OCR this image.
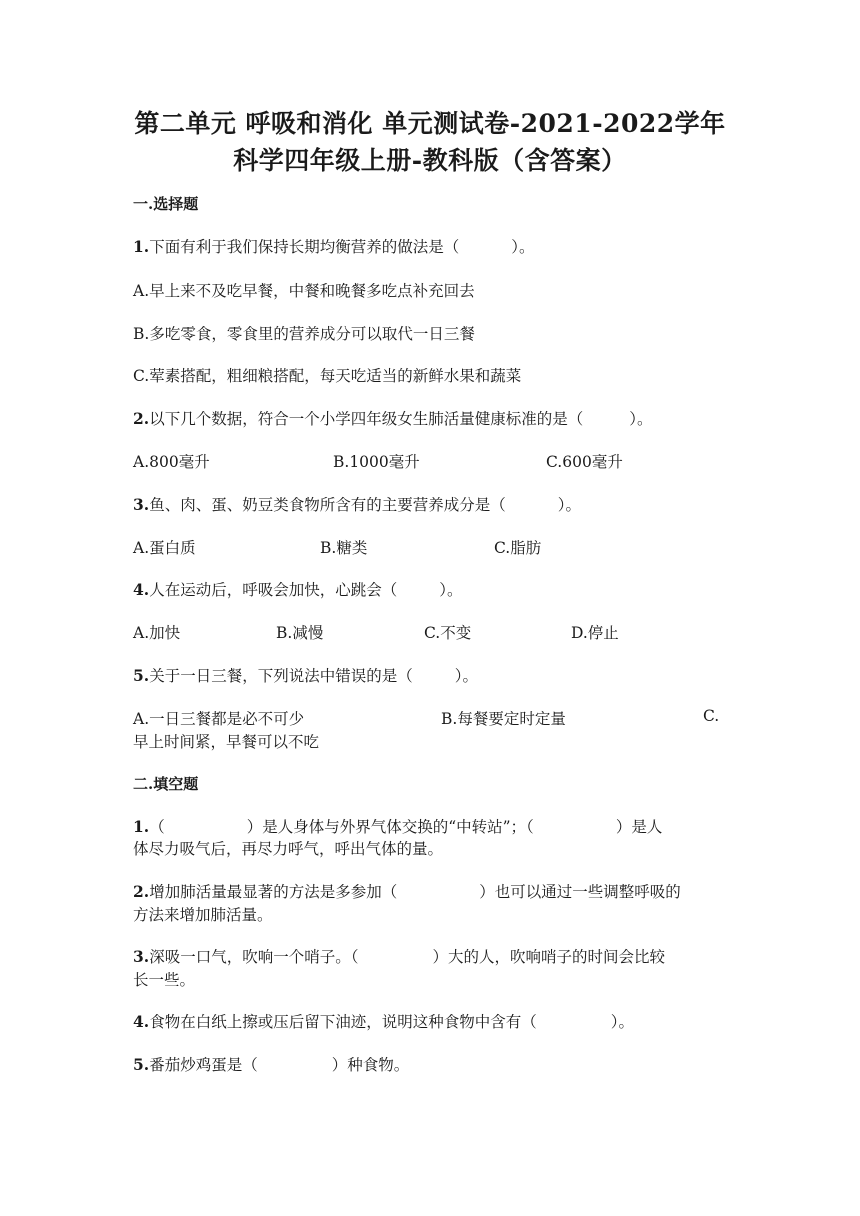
第二单元 呼吸和消化 单元测试卷-2021-2022学年
科学四年级上册-教科版（含答案）
一.选择题
1.下面有利于我们保持长期均衡营养的做法是（	）。
A.早上来不及吃早餐，中餐和晚餐多吃点补充回去
B.多吃零食，零食里的营养成分可以取代一日三餐
C.荤素搭配，粗细粮搭配，每天吃适当的新鲜水果和蔬菜
2.以下几个数据，符合一个小学四年级女生肺活量健康标准的是（	）。
A.800毫升	B.1000毫升	C.600毫升
3.鱼、肉、蛋、奶豆类食物所含有的主要营养成分是（	）。
A.蛋白质	B.糖类	C.脂肪
4.人在运动后，呼吸会加快，心跳会（	）。
A.加快	B.减慢	C.不变	D.停止
5.关于一日三餐，下列说法中错误的是（	）。
A.一日三餐都是必不可少	B.每餐要定时定量	C.
早上时间紧，早餐可以不吃
二.填空题
1.（	）是人身体与外界气体交换的“中转站”；（	）是人
体尽力吸气后，再尽力呼气，呼出气体的量。
2.增加肺活量最显著的方法是多参加（	）也可以通过一些调整呼吸的
方法来增加肺活量。
3.深吸一口气，吹响一个哨子。（	）大的人，吹响哨子的时间会比较
长一些。
4.食物在白纸上擦或压后留下油迹，说明这种食物中含有（	）。
5.番茄炒鸡蛋是（	）种食物。
